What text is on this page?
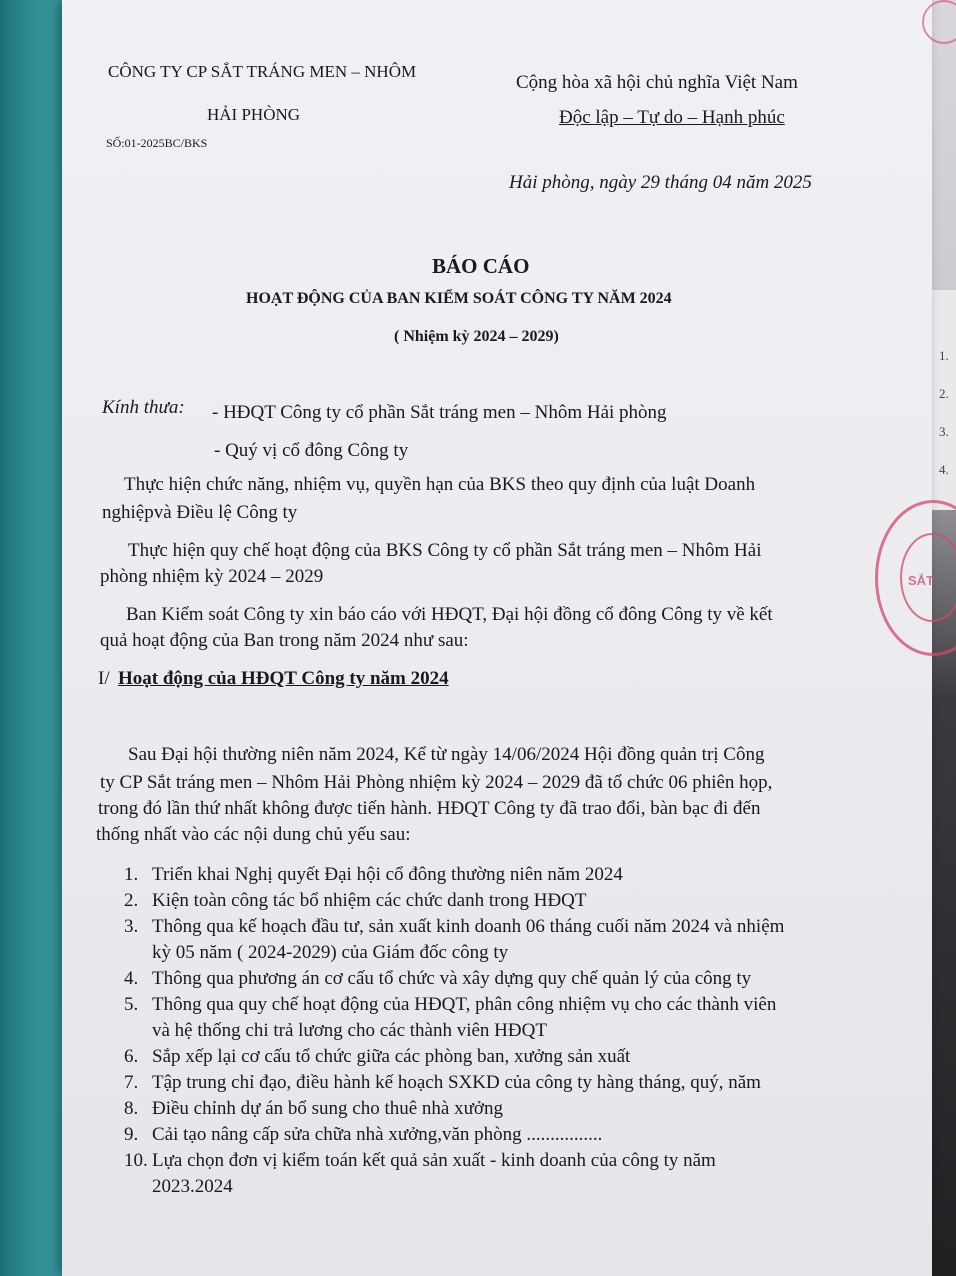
1.
2.
3.
4.
CÔNG TY CP SẮT TRÁNG MEN – NHÔM
HẢI PHÒNG
SỐ:01-2025BC/BKS
Cộng hòa xã hội chủ nghĩa Việt Nam
Độc lập – Tự do – Hạnh phúc
Hải phòng, ngày 29 tháng 04 năm 2025
BÁO CÁO
HOẠT ĐỘNG CỦA BAN KIỂM SOÁT CÔNG TY NĂM 2024
( Nhiệm kỳ 2024 – 2029)
Kính thưa: - HĐQT Công ty cổ phần Sắt tráng men – Nhôm Hải phòng
- Quý vị cổ đông Công ty
Thực hiện chức năng, nhiệm vụ, quyền hạn của BKS theo quy định của luật Doanh
nghiệpvà Điều lệ Công ty
Thực hiện quy chế hoạt động của BKS Công ty cổ phần Sắt tráng men – Nhôm Hải
phòng nhiệm kỳ 2024 – 2029
Ban Kiểm soát Công ty xin báo cáo với HĐQT, Đại hội đồng cổ đông Công ty về kết
quả hoạt động của Ban trong năm 2024 như sau:
I/ Hoạt động của HĐQT Công ty năm 2024
Sau Đại hội thường niên năm 2024, Kể từ ngày 14/06/2024 Hội đồng quản trị Công
ty CP Sắt tráng men – Nhôm Hải Phòng nhiệm kỳ 2024 – 2029 đã tổ chức 06 phiên họp,
trong đó lần thứ nhất không được tiến hành. HĐQT Công ty đã trao đổi, bàn bạc đi đến
thống nhất vào các nội dung chủ yếu sau:
1. Triển khai Nghị quyết Đại hội cổ đông thường niên năm 2024
2. Kiện toàn công tác bổ nhiệm các chức danh trong HĐQT
3. Thông qua kế hoạch đầu tư, sản xuất kinh doanh 06 tháng cuối năm 2024 và nhiệm
kỳ 05 năm ( 2024-2029) của Giám đốc công ty
4. Thông qua phương án cơ cấu tổ chức và xây dựng quy chế quản lý của công ty
5. Thông qua quy chế hoạt động của HĐQT, phân công nhiệm vụ cho các thành viên
và hệ thống chi trả lương cho các thành viên HĐQT
6. Sắp xếp lại cơ cấu tổ chức giữa các phòng ban, xưởng sản xuất
7. Tập trung chỉ đạo, điều hành kế hoạch SXKD của công ty hàng tháng, quý, năm
8. Điều chỉnh dự án bổ sung cho thuê nhà xưởng
9. Cải tạo nâng cấp sửa chữa nhà xưởng,văn phòng ................
10. Lựa chọn đơn vị kiểm toán kết quả sản xuất - kinh doanh của công ty năm
2023.2024
SẮT
